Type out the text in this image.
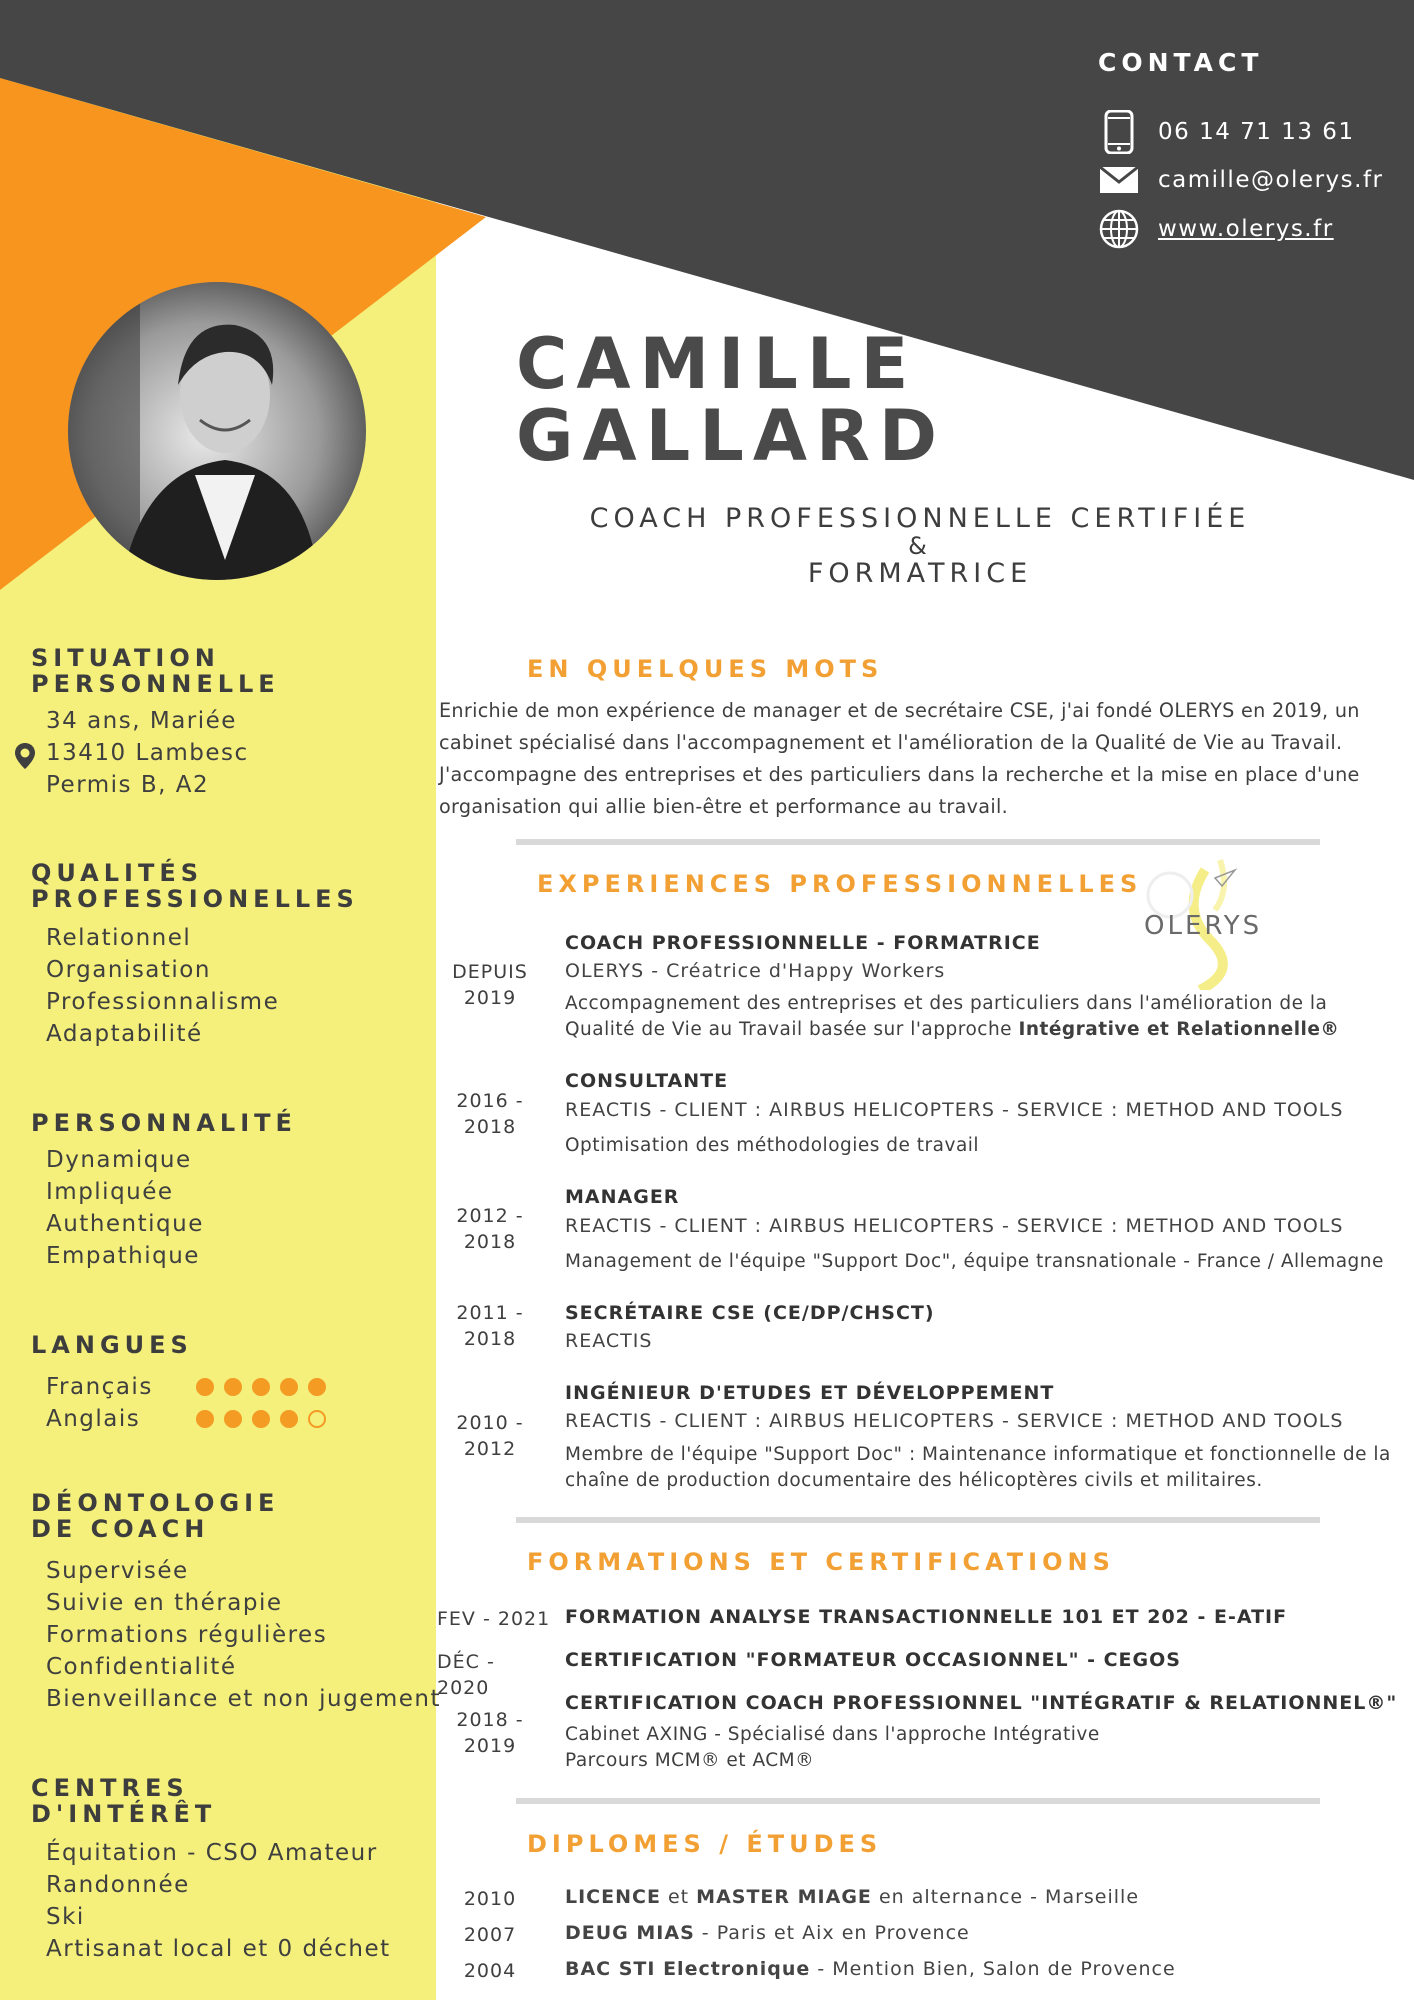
CONTACT
06 14 71 13 61
camille@olerys.fr
www.olerys.fr
CAMILLE
GALLARD
COACH PROFESSIONNELLE CERTIFIÉE
&
FORMATRICE
SITUATION
PERSONNELLE
34 ans, Mariée
13410 Lambesc
Permis B, A2
QUALITÉS
PROFESSIONELLES
Relationnel
Organisation
Professionnalisme
Adaptabilité
PERSONNALITÉ
Dynamique
Impliquée
Authentique
Empathique
LANGUES
Français
Anglais
DÉONTOLOGIE
DE COACH
Supervisée
Suivie en thérapie
Formations régulières
Confidentialité
Bienveillance et non jugement
CENTRES
D'INTÉRÊT
Équitation - CSO Amateur
Randonnée
Ski
Artisanat local et 0 déchet
EN QUELQUES MOTS
Enrichie de mon expérience de manager et de secrétaire CSE, j'ai fondé OLERYS en 2019, un cabinet spécialisé dans l'accompagnement et l'amélioration de la Qualité de Vie au Travail. J'accompagne des entreprises et des particuliers dans la recherche et la mise en place d'une organisation qui allie bien-être et performance au travail.
EXPERIENCES PROFESSIONNELLES
OLERYS
DEPUIS
2019
COACH PROFESSIONNELLE - FORMATRICE
OLERYS - Créatrice d'Happy Workers
Accompagnement des entreprises et des particuliers dans l'amélioration de la
Qualité de Vie au Travail basée sur l'approche Intégrative et Relationnelle®
2016 -
2018
CONSULTANTE
REACTIS - CLIENT : AIRBUS HELICOPTERS - SERVICE : METHOD AND TOOLS
Optimisation des méthodologies de travail
2012 -
2018
MANAGER
REACTIS - CLIENT : AIRBUS HELICOPTERS - SERVICE : METHOD AND TOOLS
Management de l'équipe "Support Doc", équipe transnationale - France / Allemagne
2011 -
2018
SECRÉTAIRE CSE (CE/DP/CHSCT)
REACTIS
2010 -
2012
INGÉNIEUR D'ETUDES ET DÉVELOPPEMENT
REACTIS - CLIENT : AIRBUS HELICOPTERS - SERVICE : METHOD AND TOOLS
Membre de l'équipe "Support Doc" : Maintenance informatique et fonctionnelle de la
chaîne de production documentaire des hélicoptères civils et militaires.
FORMATIONS ET CERTIFICATIONS
FEV - 2021 FORMATION ANALYSE TRANSACTIONNELLE 101 ET 202 - E-ATIF
DÉC - 2020
CERTIFICATION "FORMATEUR OCCASIONNEL" - CEGOS
2018 -
2019
CERTIFICATION COACH PROFESSIONNEL "INTÉGRATIF & RELATIONNEL®"
Cabinet AXING - Spécialisé dans l'approche Intégrative
Parcours MCM® et ACM®
DIPLOMES / ÉTUDES
2010	LICENCE et MASTER MIAGE en alternance - Marseille
2007	DEUG MIAS - Paris et Aix en Provence
2004	BAC STI Electronique - Mention Bien, Salon de Provence
